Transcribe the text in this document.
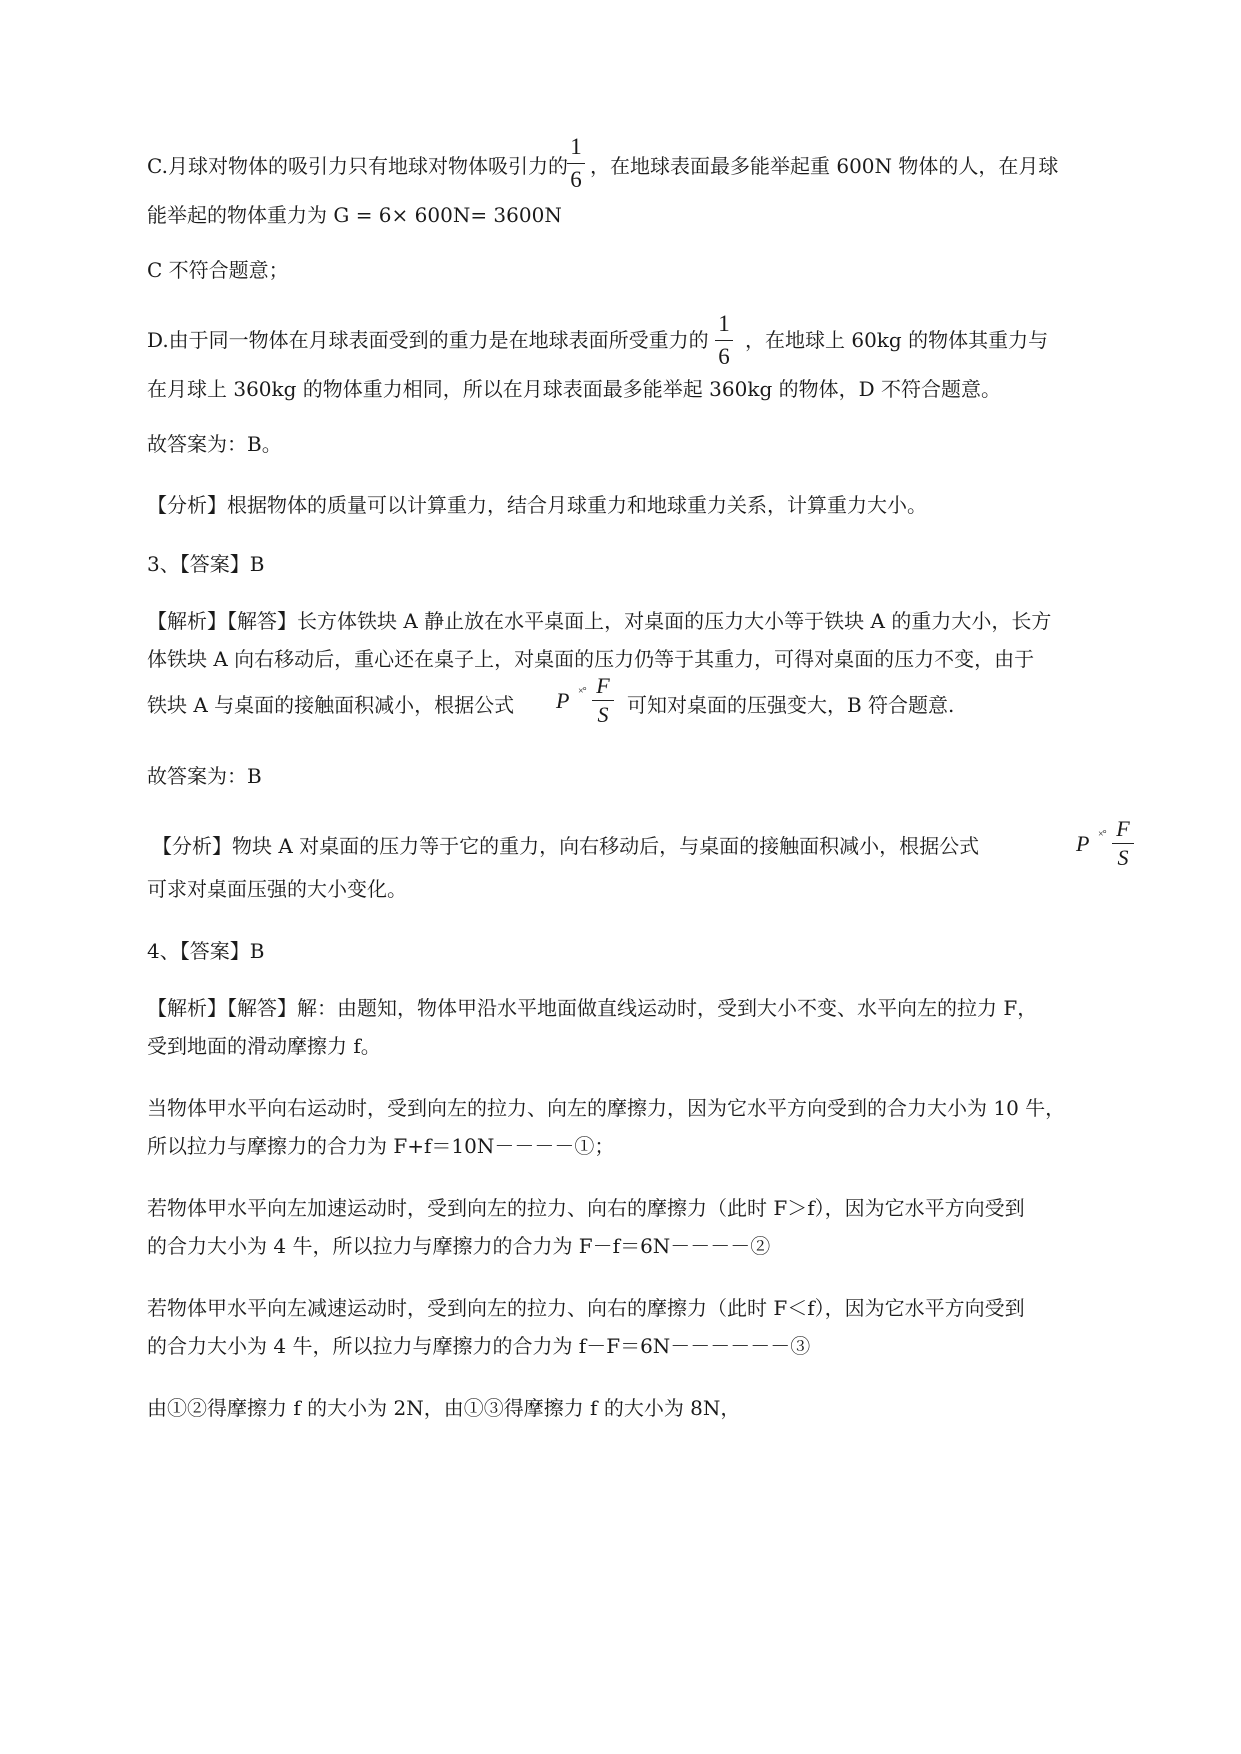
C.月球对物体的吸引力只有地球对物体吸引力的
1
6
，在地球表面最多能举起重 600N 物体的人，在月球
能举起的物体重力为 G = 6× 600N= 3600N
C 不符合题意；
D.由于同一物体在月球表面受到的重力是在地球表面所受重力的
1
6
，在地球上 60kg 的物体其重力与
在月球上 360kg 的物体重力相同，所以在月球表面最多能举起 360kg 的物体，D 不符合题意。
故答案为：B。
【分析】根据物体的质量可以计算重力，结合月球重力和地球重力关系，计算重力大小。
3、【答案】B
【解析】【解答】长方体铁块 A 静止放在水平桌面上，对桌面的压力大小等于铁块 A 的重力大小，长方
体铁块 A 向右移动后，重心还在桌子上，对桌面的压力仍等于其重力，可得对桌面的压力不变，由于
铁块 A 与桌面的接触面积减小，根据公式	P ×° F
S 可知对桌面的压强变大，B 符合题意.
故答案为：B
【分析】物块 A 对桌面的压力等于它的重力，向右移动后，与桌面的接触面积减小，根据公式	P ×° F
S
可求对桌面压强的大小变化。
4、【答案】B
【解析】【解答】解：由题知，物体甲沿水平地面做直线运动时，受到大小不变、水平向左的拉力 F，
受到地面的滑动摩擦力 f。
当物体甲水平向右运动时，受到向左的拉力、向左的摩擦力，因为它水平方向受到的合力大小为 10 牛，
所以拉力与摩擦力的合力为 F+f＝10N－－－－①；
若物体甲水平向左加速运动时，受到向左的拉力、向右的摩擦力（此时 F＞f），因为它水平方向受到
的合力大小为 4 牛，所以拉力与摩擦力的合力为 F－f＝6N－－－－②
若物体甲水平向左减速运动时，受到向左的拉力、向右的摩擦力（此时 F＜f），因为它水平方向受到
的合力大小为 4 牛，所以拉力与摩擦力的合力为 f－F＝6N－－－－－－③
由①②得摩擦力 f 的大小为 2N，由①③得摩擦力 f 的大小为 8N，
